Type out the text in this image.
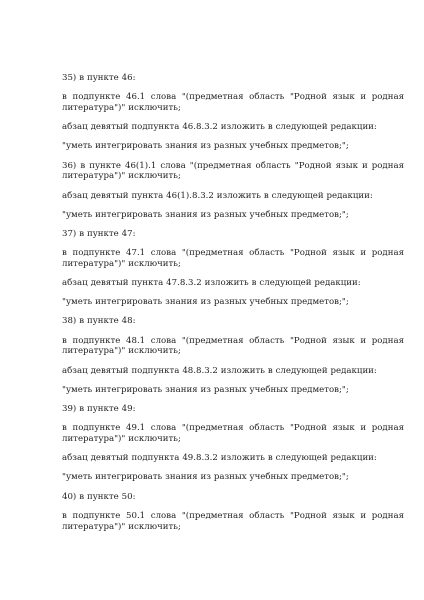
35) в пункте 46:

в подпункте 46.1 слова "(предметная область "Родной язык и родная литература")" исключить;

абзац девятый подпункта 46.8.3.2 изложить в следующей редакции:

"уметь интегрировать знания из разных учебных предметов;";

36) в пункте 46(1).1 слова "(предметная область "Родной язык и родная литература")" исключить;

абзац девятый пункта 46(1).8.3.2 изложить в следующей редакции:

"уметь интегрировать знания из разных учебных предметов;";

37) в пункте 47:

в подпункте 47.1 слова "(предметная область "Родной язык и родная литература")" исключить;

абзац девятый пункта 47.8.3.2 изложить в следующей редакции:

"уметь интегрировать знания из разных учебных предметов;";

38) в пункте 48:

в подпункте 48.1 слова "(предметная область "Родной язык и родная литература")" исключить;

абзац девятый подпункта 48.8.3.2 изложить в следующей редакции:

"уметь интегрировать знания из разных учебных предметов;";

39) в пункте 49:

в подпункте 49.1 слова "(предметная область "Родной язык и родная литература")" исключить;

абзац девятый подпункта 49.8.3.2 изложить в следующей редакции:

"уметь интегрировать знания из разных учебных предметов;";

40) в пункте 50:

в подпункте 50.1 слова "(предметная область "Родной язык и родная литература")" исключить;
